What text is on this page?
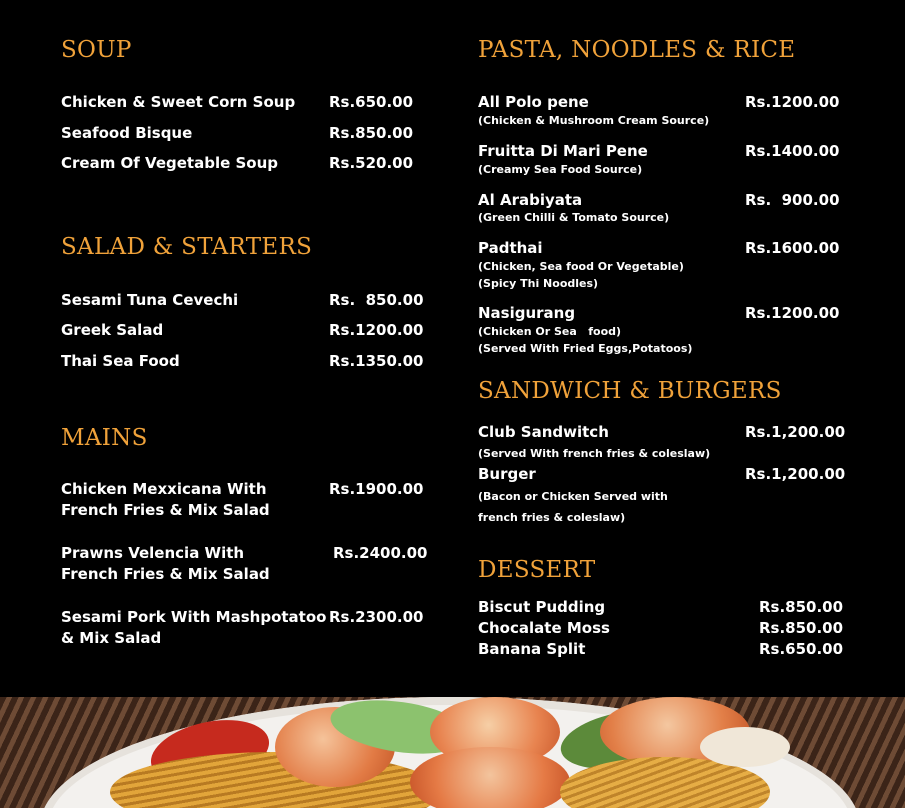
SOUP
Chicken & Sweet Corn Soup Rs.650.00
Seafood Bisque	Rs.850.00
Cream Of Vegetable Soup	Rs.520.00
SALAD & STARTERS
Sesami Tuna Cevechi	Rs.  850.00
Greek Salad	Rs.1200.00
Thai Sea Food	Rs.1350.00
MAINS
Chicken Mexxicana With
French Fries & Mix Salad
Rs.1900.00
Prawns Velencia With
French Fries & Mix Salad
Rs.2400.00
Sesami Pork With Mashpotatoo
& Mix Salad
Rs.2300.00
PASTA, NOODLES & RICE
All Polo pene
(Chicken & Mushroom Cream Source)
Rs.1200.00
Fruitta Di Mari Pene
(Creamy Sea Food Source)
Rs.1400.00
Al Arabiyata
(Green Chilli & Tomato Source)
Rs.  900.00
Padthai
(Chicken, Sea food Or Vegetable)
(Spicy Thi Noodles)
Rs.1600.00
Nasigurang
(Chicken Or Sea   food)
(Served With Fried Eggs,Potatoos)
Rs.1200.00
SANDWICH & BURGERS
Club Sandwitch
(Served With french fries & coleslaw)
Rs.1,200.00
Burger
(Bacon or Chicken Served with
french fries & coleslaw)
Rs.1,200.00
DESSERT
Biscut Pudding	Rs.850.00
Chocalate Moss	Rs.850.00
Banana Split	Rs.650.00
